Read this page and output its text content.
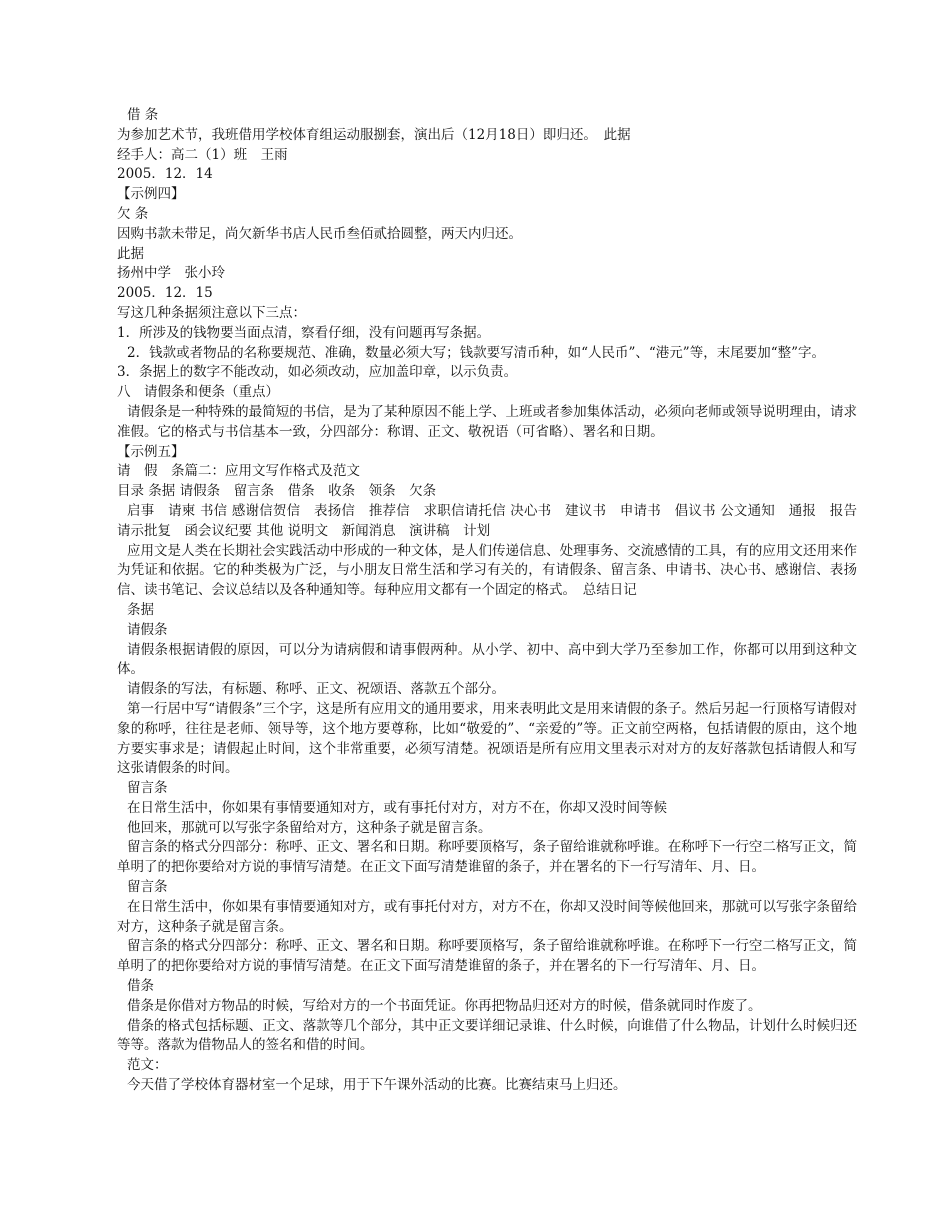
借 条
为参加艺术节，我班借用学校体育组运动服捌套，演出后（12月18日）即归还。　此据
经手人：高二（1）班　王雨
2005．12．14
【示例四】
欠 条
因购书款未带足，尚欠新华书店人民币叁佰贰拾圆整，两天内归还。
此据
扬州中学　张小玲
2005．12．15
写这几种条据须注意以下三点：
1．所涉及的钱物要当面点清，察看仔细，没有问题再写条据。
2．钱款或者物品的名称要规范、准确，数量必须大写；钱款要写清币种，如“人民币”、“港元”等，末尾要加“整”字。
3．条据上的数字不能改动，如必须改动，应加盖印章，以示负责。
八　请假条和便条（重点）
请假条是一种特殊的最简短的书信，是为了某种原因不能上学、上班或者参加集体活动，必须向老师或领导说明理由，请求准假。它的格式与书信基本一致，分四部分：称谓、正文、敬祝语（可省略）、署名和日期。
【示例五】
请　假　条篇二：应用文写作格式及范文
目录 条据 请假条　留言条　借条　收条　领条　欠条
启事　请柬 书信 感谢信贺信　表扬信　推荐信　求职信请托信 决心书　建议书　申请书　倡议书 公文通知　通报　报告　请示批复　函会议纪要 其他 说明文　新闻消息　演讲稿　计划
应用文是人类在长期社会实践活动中形成的一种文体，是人们传递信息、处理事务、交流感情的工具，有的应用文还用来作为凭证和依据。它的种类极为广泛，与小朋友日常生活和学习有关的，有请假条、留言条、申请书、决心书、感谢信、表扬信、读书笔记、会议总结以及各种通知等。每种应用文都有一个固定的格式。　总结日记
条据
请假条
请假条根据请假的原因，可以分为请病假和请事假两种。从小学、初中、高中到大学乃至参加工作，你都可以用到这种文体。
请假条的写法，有标题、称呼、正文、祝颂语、落款五个部分。
第一行居中写“请假条”三个字，这是所有应用文的通用要求，用来表明此文是用来请假的条子。然后另起一行顶格写请假对象的称呼，往往是老师、领导等，这个地方要尊称，比如“敬爱的”、“亲爱的”等。正文前空两格，包括请假的原由，这个地方要实事求是；请假起止时间，这个非常重要，必须写清楚。祝颂语是所有应用文里表示对对方的友好落款包括请假人和写这张请假条的时间。
留言条
在日常生活中，你如果有事情要通知对方，或有事托付对方，对方不在，你却又没时间等候
他回来，那就可以写张字条留给对方，这种条子就是留言条。
留言条的格式分四部分：称呼、正文、署名和日期。称呼要顶格写，条子留给谁就称呼谁。在称呼下一行空二格写正文，简单明了的把你要给对方说的事情写清楚。在正文下面写清楚谁留的条子，并在署名的下一行写清年、月、日。
留言条
在日常生活中，你如果有事情要通知对方，或有事托付对方，对方不在，你却又没时间等候他回来，那就可以写张字条留给对方，这种条子就是留言条。
留言条的格式分四部分：称呼、正文、署名和日期。称呼要顶格写，条子留给谁就称呼谁。在称呼下一行空二格写正文，简单明了的把你要给对方说的事情写清楚。在正文下面写清楚谁留的条子，并在署名的下一行写清年、月、日。
借条
借条是你借对方物品的时候，写给对方的一个书面凭证。你再把物品归还对方的时候，借条就同时作废了。
借条的格式包括标题、正文、落款等几个部分，其中正文要详细记录谁、什么时候，向谁借了什么物品，计划什么时候归还等等。落款为借物品人的签名和借的时间。
范文：
今天借了学校体育器材室一个足球，用于下午课外活动的比赛。比赛结束马上归还。
